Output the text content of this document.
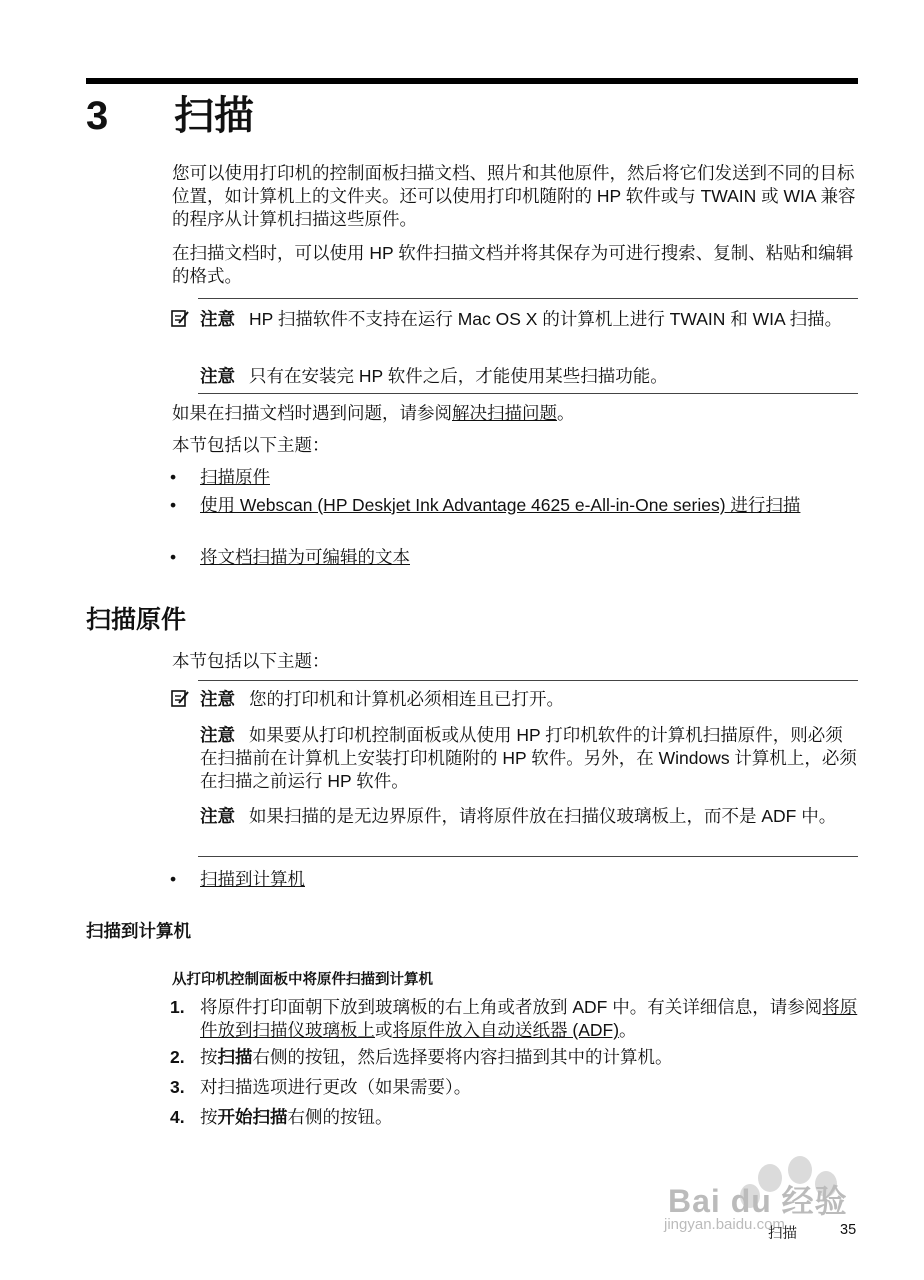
3 扫描
您可以使用打印机的控制面板扫描文档、照片和其他原件，然后将它们发送到不同的目标位置，如计算机上的文件夹。还可以使用打印机随附的 HP 软件或与 TWAIN 或 WIA 兼容的程序从计算机扫描这些原件。
在扫描文档时，可以使用 HP 软件扫描文档并将其保存为可进行搜索、复制、粘贴和编辑的格式。
注意 HP 扫描软件不支持在运行 Mac OS X 的计算机上进行 TWAIN 和 WIA 扫描。
注意 只有在安装完 HP 软件之后，才能使用某些扫描功能。
如果在扫描文档时遇到问题，请参阅解决扫描问题。
本节包括以下主题：
• 扫描原件
• 使用 Webscan (HP Deskjet Ink Advantage 4625 e-All-in-One series) 进行扫描
• 将文档扫描为可编辑的文本
扫描原件
本节包括以下主题：
注意 您的打印机和计算机必须相连且已打开。
注意 如果要从打印机控制面板或从使用 HP 打印机软件的计算机扫描原件，则必须在扫描前在计算机上安装打印机随附的 HP 软件。另外，在 Windows 计算机上，必须在扫描之前运行 HP 软件。
注意 如果扫描的是无边界原件，请将原件放在扫描仪玻璃板上，而不是 ADF 中。
• 扫描到计算机
扫描到计算机
从打印机控制面板中将原件扫描到计算机
1. 将原件打印面朝下放到玻璃板的右上角或者放到 ADF 中。有关详细信息，请参阅将原件放到扫描仪玻璃板上或将原件放入自动送纸器 (ADF)。
2. 按扫描右侧的按钮，然后选择要将内容扫描到其中的计算机。
3. 对扫描选项进行更改（如果需要）。
4. 按开始扫描右侧的按钮。
Bai du 经验
jingyan.baidu.com
扫描	35
